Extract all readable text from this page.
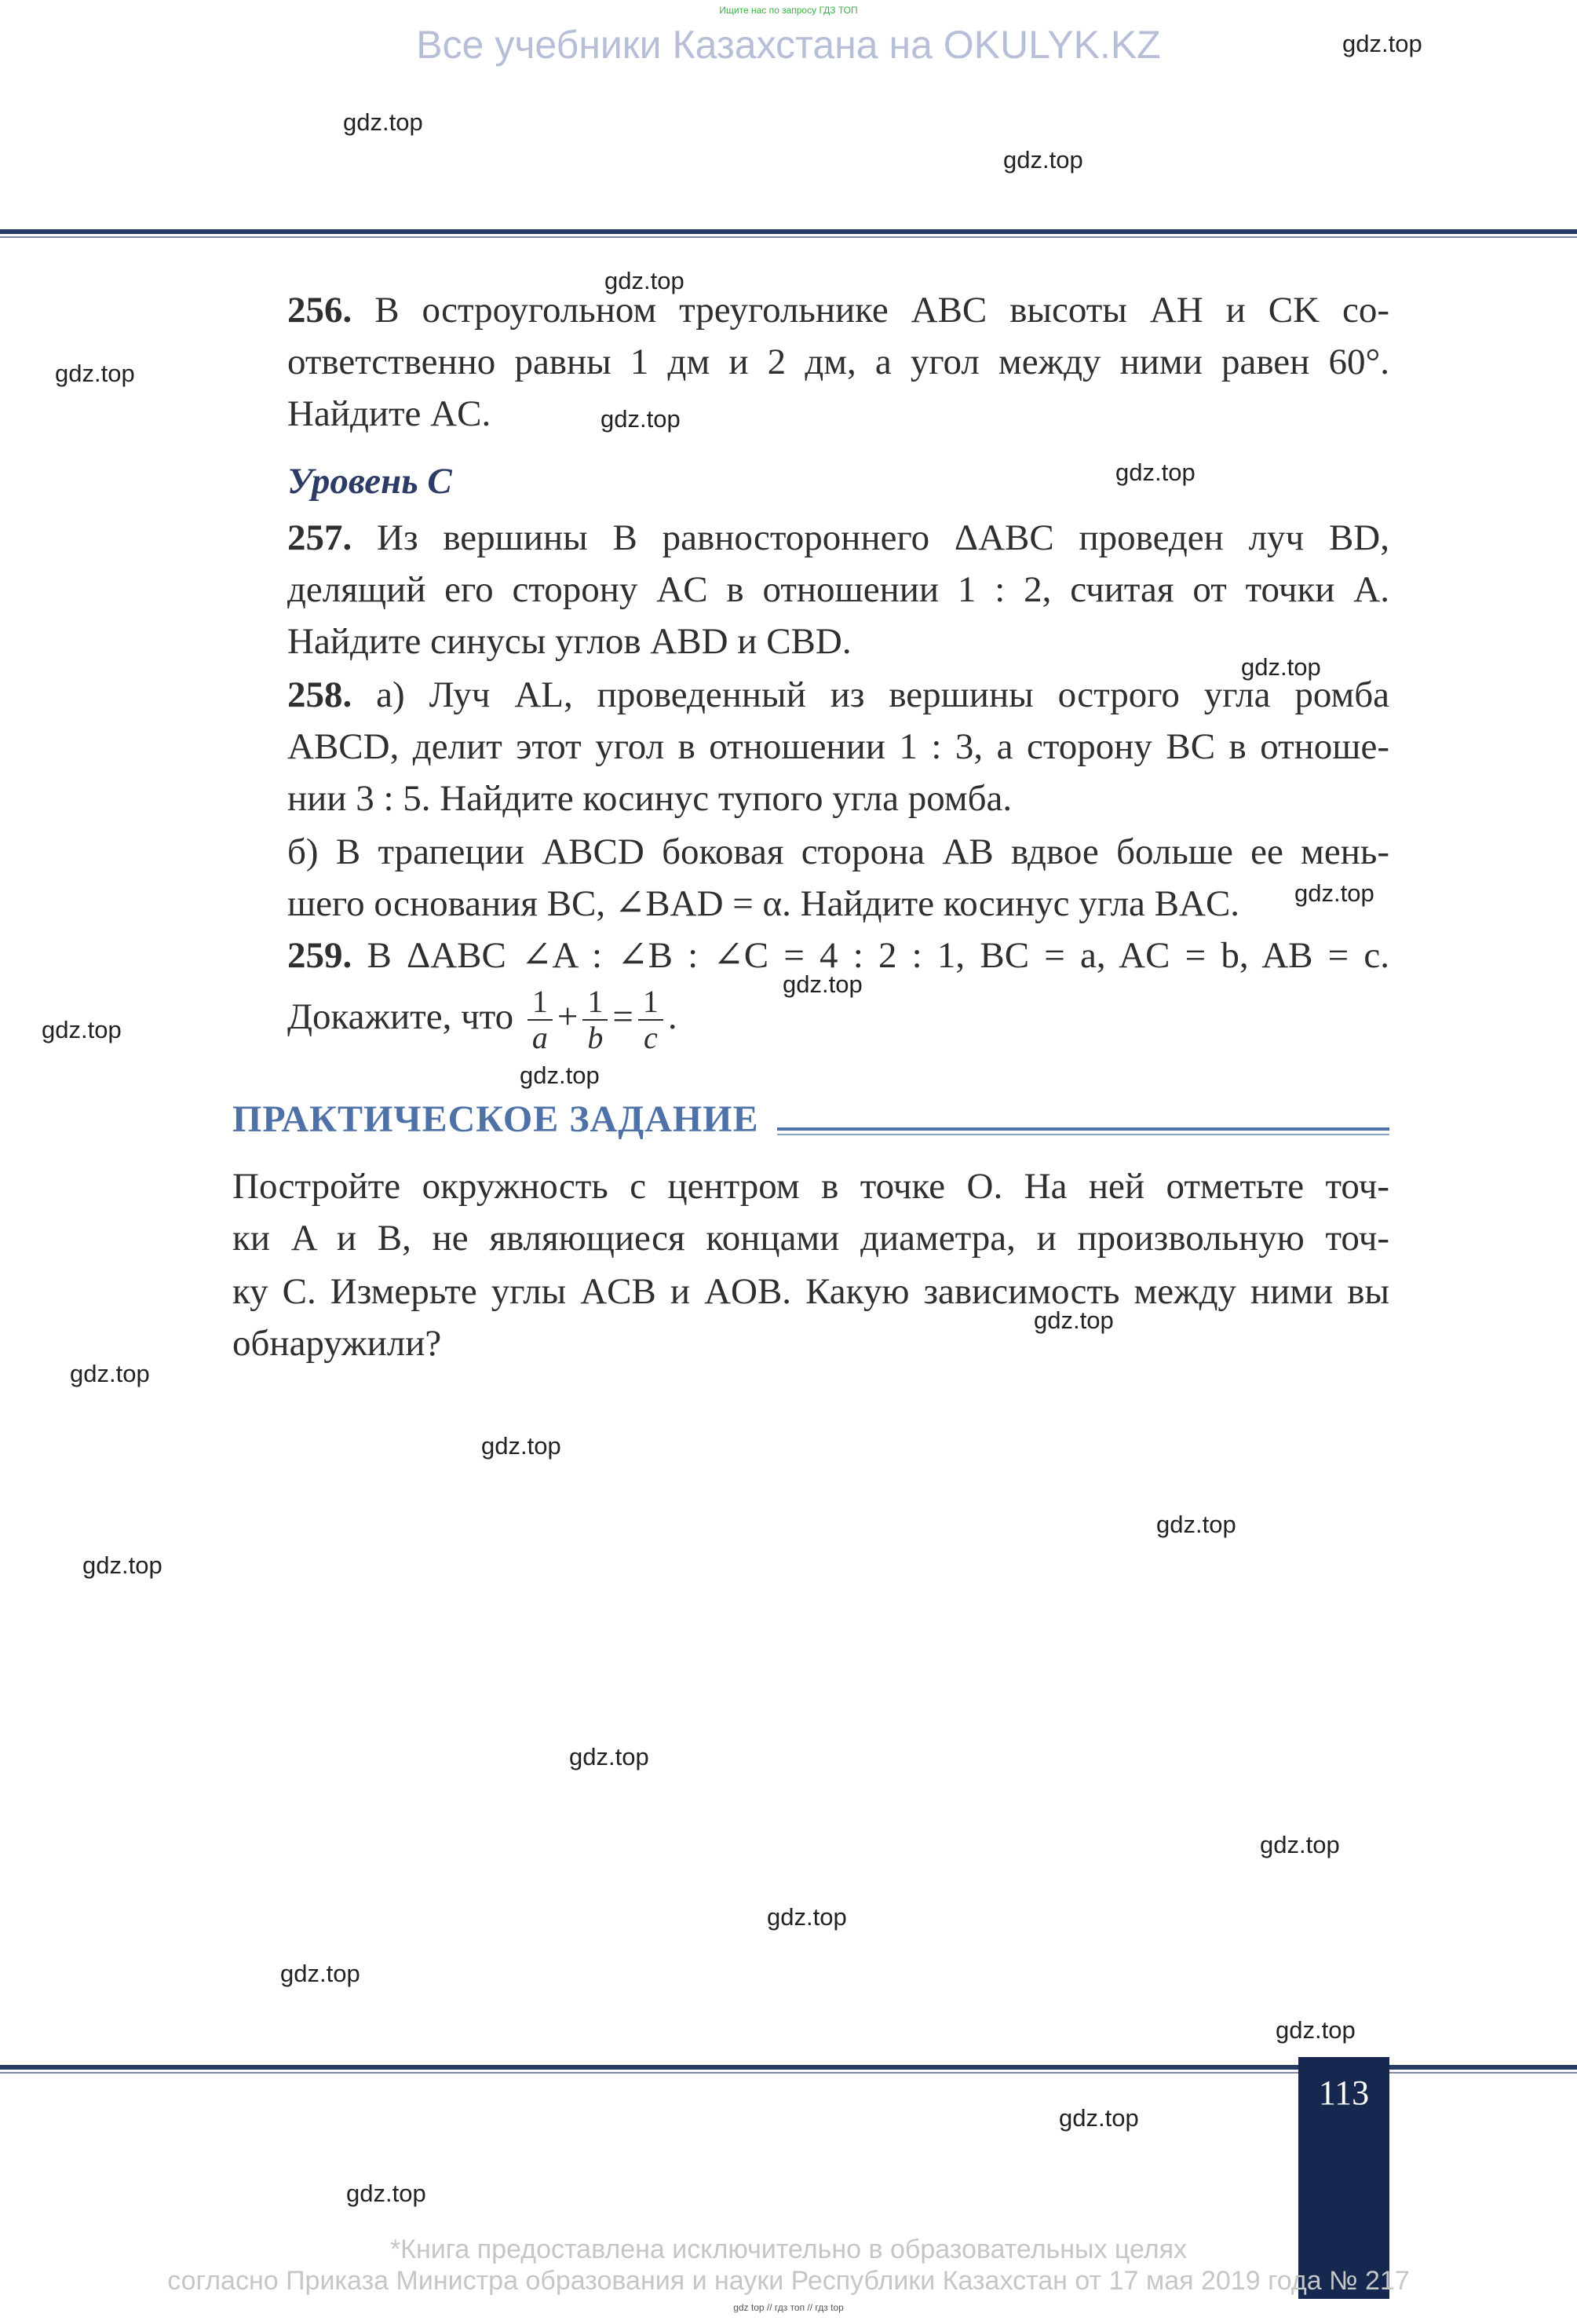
Ищите нас по запросу ГДЗ ТОП
Все учебники Казахстана на OKULYK.KZ
256. В остроугольном треугольнике ABC высоты AH и CK со-
ответственно равны 1 дм и 2 дм, а угол между ними равен 60°.
Найдите AC.
Уровень С
257. Из вершины B равностороннего ΔABC проведен луч BD,
делящий его сторону AC в отношении 1 : 2, считая от точки A.
Найдите синусы углов ABD и CBD.
258. а) Луч AL, проведенный из вершины острого угла ромба
ABCD, делит этот угол в отношении 1 : 3, а сторону BC в отноше-
нии 3 : 5. Найдите косинус тупого угла ромба.
б) В трапеции ABCD боковая сторона AB вдвое больше ее мень-
шего основания BC, ∠BAD = α. Найдите косинус угла BAC.
259. В ΔABC ∠A : ∠B : ∠C = 4 : 2 : 1, BC = a, AC = b, AB = c.
Докажите, что $\frac{1}{a} + \frac{1}{b} = \frac{1}{c}$ .
ПРАКТИЧЕСКОЕ ЗАДАНИЕ
Постройте окружность с центром в точке O. На ней отметьте точ-
ки A и B, не являющиеся концами диаметра, и произвольную точ-
ку C. Измерьте углы ACB и AOB. Какую зависимость между ними вы
обнаружили?
gdz.top
gdz.top
gdz.top
gdz.top
gdz.top
gdz.top
gdz.top
gdz.top
gdz.top
gdz.top
gdz.top
gdz.top
gdz.top
gdz.top
gdz.top
gdz.top
gdz.top
gdz.top
gdz.top
gdz.top
gdz.top
gdz.top
gdz.top
gdz.top
113
*Книга предоставлена исключительно в образовательных целях
согласно Приказа Министра образования и науки Республики Казахстан от 17 мая 2019 года № 217
gdz top // гдз топ // гдз top
